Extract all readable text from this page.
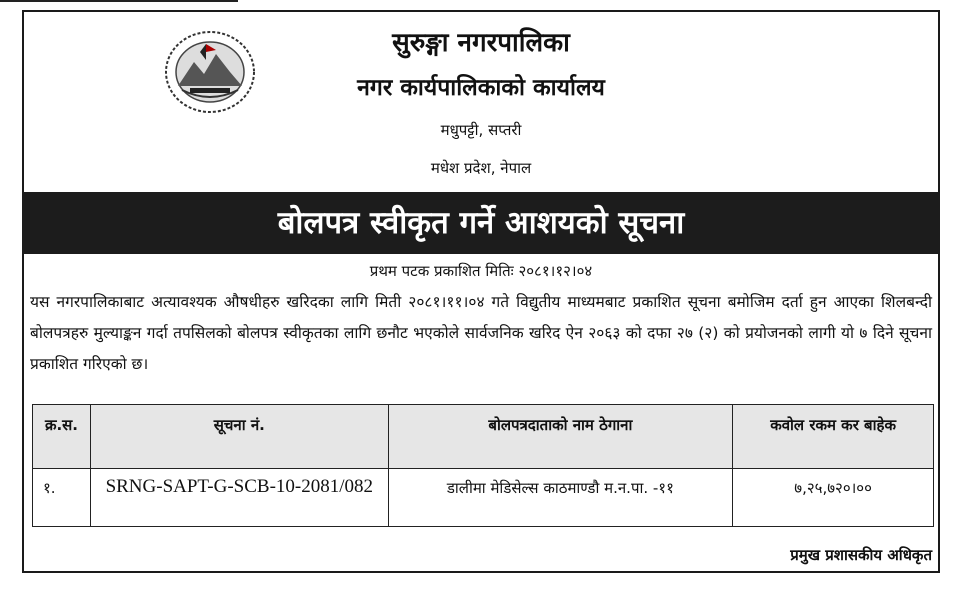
सुरुङ्गा नगरपालिका
नगर कार्यपालिकाको कार्यालय
मधुपट्टी, सप्तरी
मधेश प्रदेश, नेपाल
बोलपत्र स्वीकृत गर्ने आशयको सूचना
प्रथम पटक प्रकाशित मितिः २०८१।१२।०४
यस नगरपालिकाबाट अत्यावश्यक औषधीहरु खरिदका लागि मिती २०८१।११।०४ गते विद्युतीय माध्यमबाट प्रकाशित सूचना बमोजिम दर्ता हुन आएका शिलबन्दी बोलपत्रहरु मुल्याङ्कन गर्दा तपसिलको बोलपत्र स्वीकृतका लागि छनौट भएकोले सार्वजनिक खरिद ऐन २०६३ को दफा २७ (२) को प्रयोजनको लागी यो ७ दिने सूचना प्रकाशित गरिएको छ।
क्र.स.	सूचना नं.	बोलपत्रदाताको नाम ठेगाना	कवोल रकम कर बाहेक
१.	SRNG-SAPT-G-SCB-10-2081/082	डालीमा मेडिसेल्स काठमाण्डौ म.न.पा. -११	७,२५,७२०।००
प्रमुख प्रशासकीय अधिकृत
